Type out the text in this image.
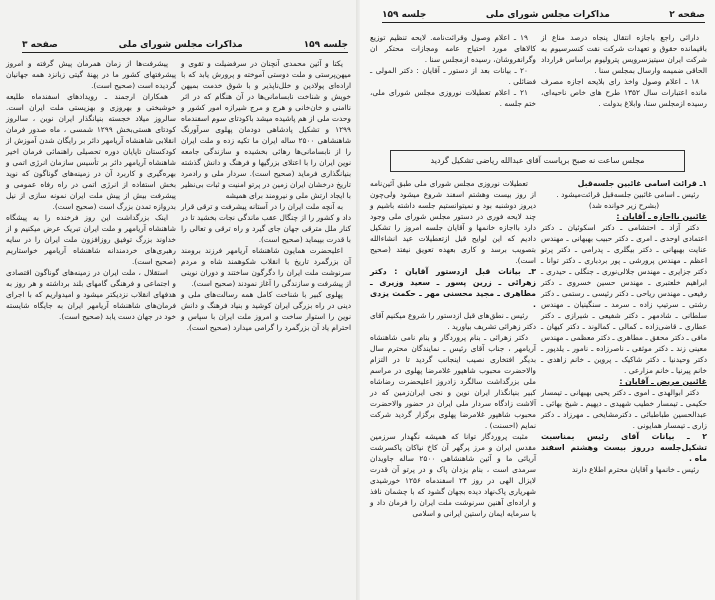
جلسه ۱۵۹
مذاکرات مجلس شورای ملی
صفحه ۳

یکتا و آئین محمدی آنچنان در سرفضیلت و تقوی و میهن‌پرستی و ملت دوستی آموخته و پرورش یابد که با اراده‌ای پولادین و خلل‌ناپذیر و با شوق خدمت بمیهن خویش و شناخت نابسامانی‌ها در آن هنگام که در اثر ناامنی و خان‌خانی و هرج و مرج شیرازه امور کشور و وحدت ملی از هم پاشیده میشد باکودتای سوم اسفندماه ۱۲۹۹ و تشکیل پادشاهی دودمان پهلوی سرآورنگ شاهنشاهی ۲۵۰۰ ساله ایران ما تکیه زده و ملت ایران را از نابسامانی‌ها رهائی بخشیده و سازندگی جامعه نوین ایران را با اعتلای بزرگیها و فرهنگ و دانش گذشته بنیانگذاری فرماید (صحیح است). سردار ملی و رادمرد تاریخ درخشان ایران زمین در پرتو امنیت و ثبات بی‌نظیر با ایجاد ارتش ملی و نیرومند برای همیشه

به آنچه ملت ایران را در آستانه پیشرفت و ترقی قرار داد و کشور را از چنگال عقب ماندگی نجات بخشید تا در کنار ملل مترقی جهان جای گیرد و راه ترقی و تعالی را با قدرت بپیماید (صحیح است).

اعلیحضرت همایون شاهنشاه آریامهر فرزند برومند آن بزرگمرد تاریخ با انقلاب شکوهمند شاه و مردم سرنوشت ملت ایران را دگرگون ساختند و دوران نوینی از پیشرفت و سازندگی را آغاز نمودند (صحیح است).

پهلوی کبیر با شناخت کامل همه رسالت‌های ملی و دینی در راه بزرگی ایران کوشید و بنیاد فرهنگ و دانش نوین را استوار ساخت و امروز ملت ایران با سپاس و احترام یاد آن بزرگمرد را گرامی میدارد (صحیح است).

پیشرفت‌ها از زمان همرمان پیش گرفته و امروز پیشرفتهای کشور ما در پهنهٔ گیتی زبانزد همه جهانیان گردیده است (صحیح است).

همکاران ارجمند ـ رویدادهای اسفندماه طلیعه خوشبختی و بهروزی و بهزیستی ملت ایران است. سالروز میلاد خجسته بنیانگذار ایران نوین ، سالروز کودتای هستی‌بخش ۱۲۹۹ شمسی ، ماه صدور فرمان انقلابی شاهنشاه آریامهر دائر بر رایگان شدن آموزش از کودکستان تاپایان دوره تحصیلی راهنمائی فرمان اخیر شاهنشاه آریامهر دائر بر تأسیس سازمان انرژی اتمی و بهره‌گیری و کاربرد آن در زمینه‌های گوناگون که نوید بخش استفاده از انرژی اتمی در راه رفاه عمومی و پیشرفت بیش از پیش ملت ایران نمونه سازی از نیل بدروازه تمدن بزرگ است (صحیح است).

اینک بزرگداشت این روز فرخنده را به پیشگاه شاهنشاه آریامهر و ملت ایران تبریک عرض میکنیم و از خداوند بزرگ توفیق روزافزون ملت ایران را در سایه رهبری‌های خردمندانه شاهنشاه آریامهر خواستاریم (صحیح است).

استقلال ، ملت ایران در زمینه‌های گوناگون اقتصادی و اجتماعی و فرهنگی گامهای بلند برداشته و هر روز به هدفهای انقلاب نزدیکتر میشود و امیدواریم که با اجرای فرمان‌های شاهنشاه آریامهر ایران به جایگاه شایسته خود در جهان دست یابد (صحیح است).

صفحه ۲
مذاکرات مجلس شورای ملی
جلسه ۱۵۹

دارائی راجع باجازه انتقال پنجاه درصد مناع از باقیمانده حقوق و تعهدات شرکت نفت کنسرسیوم به شرکت ایران سیتیزسرویس پترولیوم براساس قرارداد الحاقی ضمیمه وارسال بمجلس سنا .

۱۸ ـ اعلام وصول واخذ رای بلایحه اجازه مصرف مانده اعتبارات سال ۱۳۵۲ طرح های خاص ناحیه‌ای، رسیده ازمجلس سنا، وابلاغ بدولت .

۱۹ ـ اعلام وصول وقرائت‌نامه. لایحه تنظیم توزیع کالاهای مورد احتیاج عامه ومجازات محتکر ان وگرانفروشان، رسیده ازمجلس سنا .

۲۰ ـ بیانات بعد از دستور ـ آقایان : دکتر المولی ـ فضائلی .

۲۱ ـ اعلام تعطیلات نوروزی مجلس شورای ملی، ختم جلسه .

مجلس ساعت نه صبح بریاست آقای عبدالله ریاضی تشکیل گردید

۱ـ قرائت اسامی غائبین جلسه‌قبل

رئیس ـ اسامی غائبین جلسه‌قبل قرائت‌میشود .

(بشرح زیر خوانده شد)

غائبین بااجازه ـ آقایان :

دکتر آزاد ـ احتشامی ـ دکتر اسکوئیان ـ دکتر اعتمادی اوحدی ـ امری ـ دکتر حبیب بهبهانی ـ مهندس عنایت بهبهانی ـ دکتر بیگلری ـ پدرامی ـ دکتر پرتو اعظم ـ مهندس پرورشی ـ پور بردباری ـ دکتر توانا ـ دکتر جزایری ـ مهندس جلالی‌نوری ـ جنگلی ـ حیدری ـ ابراهیم خلعتبری ـ مهندس حسین خسروی ـ دکتر رفیعی ـ مهندس ریاحی ـ دکتر رئیسی ـ رستمی ـ دکتر رشتی ـ سرتیپ زاده ـ سرمد ـ سنگینیان ـ مهندس سلطانی ـ شادمهر ـ دکتر شفیعی ـ شیرازی ـ دکتر عطاری ـ قاضی‌زاده ـ کمالی ـ کمالوند ـ دکتر کیهان ـ مافی ـ دکتر محقق ـ مطاهری ـ دکتر معظمی ـ مهندس معینی زند ـ دکتر موثقی ـ ناصرزاده ـ نامور ـ یلدپور ـ دکتر وحیدنیا ـ دکتر شاکیک ـ پروین ـ خانم زاهدی ـ خانم پیرنیا ـ خانم مزارعی .

غائبین مریض ـ آقایان :

دکتر ابوالهدی ـ اموی ـ دکتر یحیی بهبهانی ـ تیمسار حکیمی ـ تیمسار خطیب شهیدی ـ دیهیم ـ شیخ بهائی ـ عبدالحسین طباطبائی ـ دکترمشایخی ـ مهرزاد ـ دکتر زاری ـ تیمسار همایونی .

۲ ـ بیانات آقای رئیس بمناسبت تشکیل‌جلسه درروز بیست وهشتم اسفند ماه .

رئیس ـ خانمها و آقایان محترم اطلاع دارند

تعطیلات نوروزی مجلس شورای ملی طبق آئین‌نامه از روز بیست وهشتم اسفند شروع میشود ولی‌چون دیروز دوشنبه بود و نمیتوانستیم جلسه داشته باشیم و چند لایحه فوری در دستور مجلس شورای ملی وجود دارد بااجازه خانمها و آقایان جلسه امروز را تشکیل دادیم که این لوایح قبل ازتعطیلات عید انشاءالله بتصویب برسد و کاری بعهده تعویق نیفتد (صحیح است).

۳ـ بیانات قبل ازدستور آقایان : دکتر زهرائی ـ زرین پسور ـ سعید وزیری ـ مطاهری ـ مجید محسنی مهر ـ حکمت یزدی .

رئیس ـ نطق‌های قبل ازدستور را شروع میکنیم آقای دکتر زهرائی تشریف بیاورید .

دکتر زهرائی ـ بنام پروردگار و بنام نامی شاهنشاه آریامهر ، جناب آقای رئیس ـ نمایندگان محترم سال بدیگر افتخاری نصیب اینجانب گردید تا در التزام والاحضرت محبوب شاهپور غلامرضا پهلوی در مراسم ملی بزرگداشت سالگرد زادروز اعلیحضرت رضاشاه کبیر بنیانگذار ایران نوین و نجی ایران‌زمین که در آلاشت زادگاه سردار ملی ایران در حضور والاحضرت محبوب شاهپور غلامرضا پهلوی برگزار گردید شرکت نمایم (احسنت) .

مثبت پروردگار توانا که همیشه نگهدار سرزمین مقدس ایران و مرز پرگهر آن کاخ نیاکان پاکسرشت آریائی ما و آئین شاهنشاهی ۲۵۰۰ ساله جاویدان سرمدی است ، بنام یزدان پاک و در پرتو آن قدرت لایزال الهی در روز ۲۴ اسفندماه ۱۲۵۶ خورشیدی شهریاری پاک‌نهاد دیده بجهان گشود که با چشمان نافذ و اراده‌ای آهنین سرنوشت ملت ایران را فرمان داد و با سرمایه ایمان راستین ایرانی و اسلامی
